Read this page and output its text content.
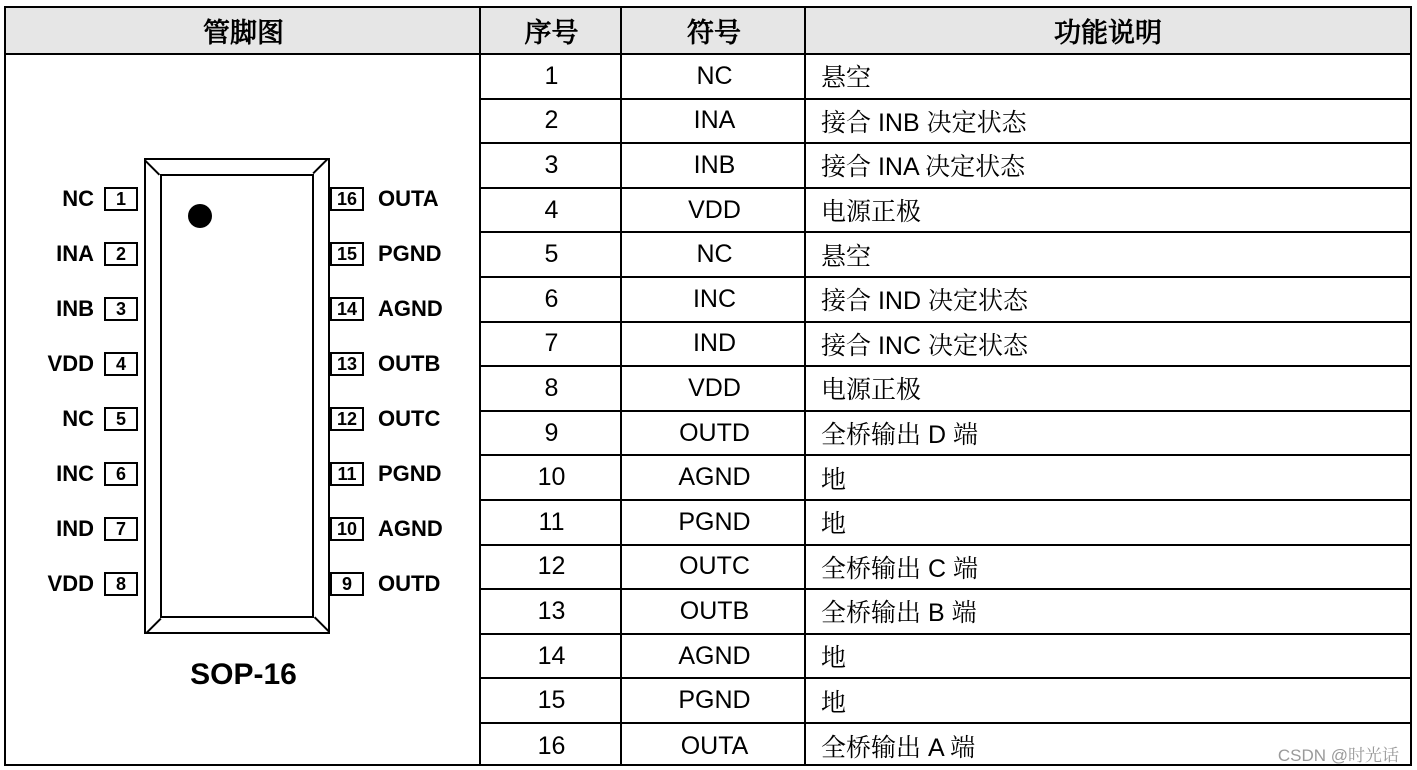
管脚图	序号	符号	功能说明
NC	1
INA	2
INB	3
VDD	4
NC	5
INC	6
IND	7
VDD	8
16 OUTA
15 PGND
14 AGND
13 OUTB
12 OUTC
11 PGND
10 AGND
9	OUTD
SOP-16
1	NC	悬空
2	INA	接合 INB 决定状态
3	INB	接合 INA 决定状态
4	VDD	电源正极
5	NC	悬空
6	INC	接合 IND 决定状态
7	IND	接合 INC 决定状态
8	VDD	电源正极
9	OUTD	全桥输出 D 端
10	AGND	地
11	PGND	地
12	OUTC	全桥输出 C 端
13	OUTB	全桥输出 B 端
14	AGND	地
15	PGND	地
16	OUTA	全桥输出 A 端	CSDN @时光话
